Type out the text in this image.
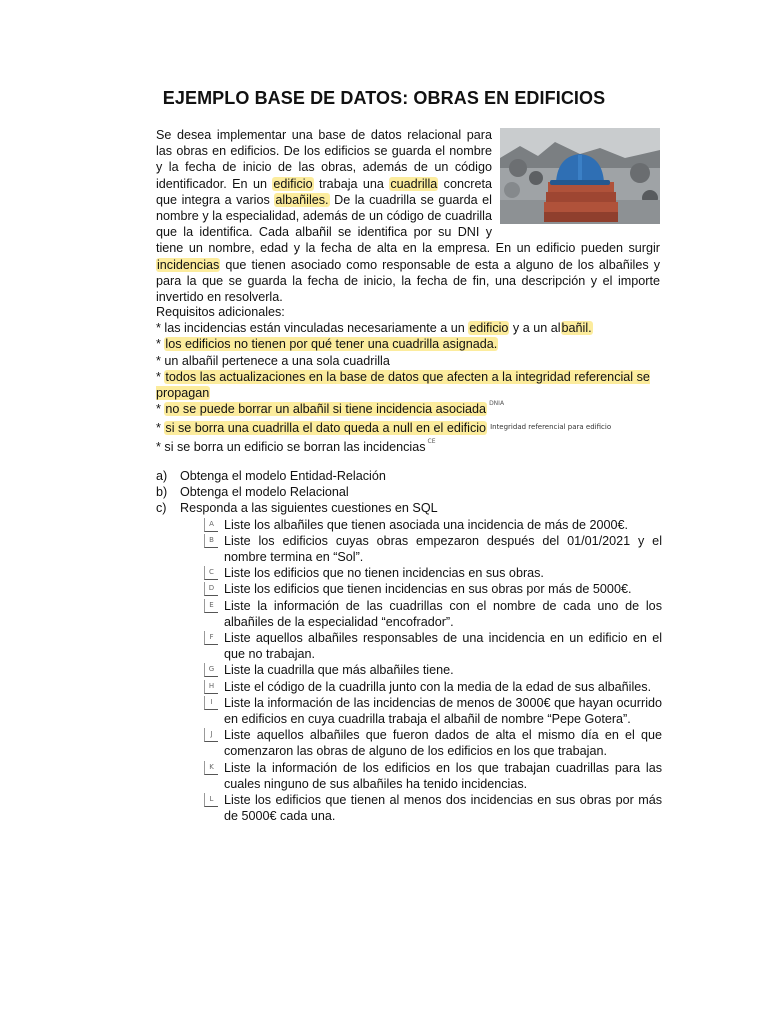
EJEMPLO BASE DE DATOS: OBRAS EN EDIFICIOS
Se desea implementar una base de datos relacional para las obras en edificios. De los edificios se guarda el nombre y la fecha de inicio de las obras, además de un código identificador. En un edificio trabaja una cuadrilla concreta que integra a varios albañiles. De la cuadrilla se guarda el nombre y la especialidad, además de un código de cuadrilla que la identifica. Cada albañil se identifica por su DNI y tiene un nombre, edad y la fecha de alta en la empresa. En un edificio pueden surgir incidencias que tienen asociado como responsable de esta a alguno de los albañiles y para la que se guarda la fecha de inicio, la fecha de fin, una descripción y el importe invertido en resolverla.

Requisitos adicionales:

* las incidencias están vinculadas necesariamente a un edificio y a un albañil.

* los edificios no tienen por qué tener una cuadrilla asignada.

* un albañil pertenece a una sola cuadrilla

* todos las actualizaciones en la base de datos que afecten a la integridad referencial se propagan

* no se puede borrar un albañil si tiene incidencia asociada $^{DNIA}$

* si se borra una cuadrilla el dato queda a null en el edificio $^{Integridad referencial para edificio}$

* si se borra un edificio se borran las incidencias $^{CE}$

a)	Obtenga el modelo Entidad-Relación
b)	Obtenga el modelo Relacional
c)	Responda a las siguientes cuestiones en SQL
A Liste los albañiles que tienen asociada una incidencia de más de 2000€.
B Liste los edificios cuyas obras empezaron después del 01/01/2021 y el nombre termina en “Sol”.
C Liste los edificios que no tienen incidencias en sus obras.
D Liste los edificios que tienen incidencias en sus obras por más de 5000€.
E Liste la información de las cuadrillas con el nombre de cada uno de los albañiles de la especialidad “encofrador”.
F Liste aquellos albañiles responsables de una incidencia en un edificio en el que no trabajan.
G Liste la cuadrilla que más albañiles tiene.
H Liste el código de la cuadrilla junto con la media de la edad de sus albañiles.
I Liste la información de las incidencias de menos de 3000€ que hayan ocurrido en edificios en cuya cuadrilla trabaja el albañil de nombre “Pepe Gotera”.
J Liste aquellos albañiles que fueron dados de alta el mismo día en el que comenzaron las obras de alguno de los edificios en los que trabajan.
K Liste la información de los edificios en los que trabajan cuadrillas para las cuales ninguno de sus albañiles ha tenido incidencias.
L Liste los edificios que tienen al menos dos incidencias en sus obras por más de 5000€ cada una.
